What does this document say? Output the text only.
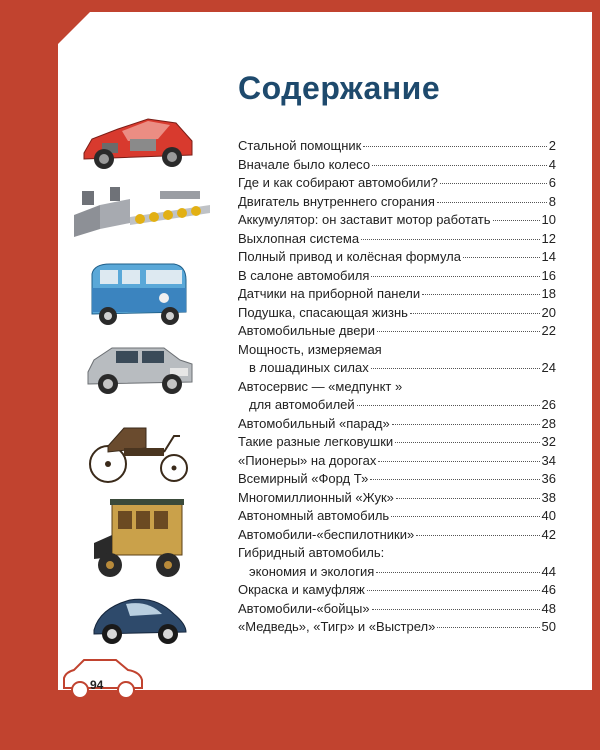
Содержание
Стальной помощник	2
Вначале было колесо	4
Где и как собирают автомобили?	6
Двигатель внутреннего сгорания	8
Аккумулятор: он заставит мотор работать	10
Выхлопная система	12
Полный привод и колёсная формула	14
В салоне автомобиля	16
Датчики на приборной панели	18
Подушка, спасающая жизнь	20
Автомобильные двери	22
Мощность, измеряемая
в лошадиных силах	24
Автосервис — «медпункт »
для автомобилей	26
Автомобильный «парад»	28
Такие разные легковушки	32
«Пионеры» на дорогах	34
Всемирный «Форд Т»	36
Многомиллионный «Жук»	38
Автономный автомобиль	40
Автомобили-«беспилотники»	42
Гибридный автомобиль:
экономия и экология	44
Окраска и камуфляж	46
Автомобили-«бойцы»	48
«Медведь», «Тигр» и «Выстрел»	50
94
